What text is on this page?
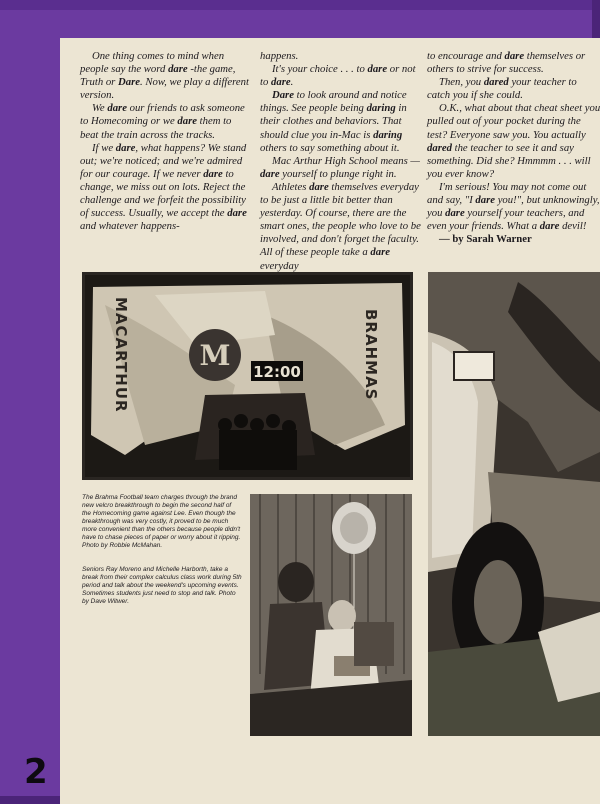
One thing comes to mind when people say the word dare -the game, Truth or Dare. Now, we play a different version.

We dare our friends to ask someone to Homecoming or we dare them to beat the train across the tracks.

If we dare, what happens? We stand out; we're noticed; and we're admired for our courage. If we never dare to change, we miss out on lots. Reject the challenge and we forfeit the possibility of success. Usually, we accept the dare and whatever happens-

happens.

It's your choice . . . to dare or not to dare.

Dare to look around and notice things. See people being daring in their clothes and behaviors. That should clue you in-Mac is daring others to say something about it.

Mac Arthur High School means — dare yourself to plunge right in.

Athletes dare themselves everyday to be just a little bit better than yesterday. Of course, there are the smart ones, the people who love to be involved, and don't forget the faculty. All of these people take a dare everyday

to encourage and dare themselves or others to strive for success.

Then, you dared your teacher to catch you if she could.

O.K., what about that cheat sheet you pulled out of your pocket during the test? Everyone saw you. You actually dared the teacher to see it and say something. Did she? Hmmmm . . . will you ever know?

I'm serious! You may not come out and say, "I dare you!", but unknowingly, you dare yourself your teachers, and even your friends. What a dare devil!

— by Sarah Warner

M 12:00
MACARTHUR	BRAHMAS
The Brahma Football team charges through the brand new velcro breakthrough to begin the second half of the Homecoming game against Lee. Even though the breakthrough was very costly, it proved to be much more convenient than the others because people didn't have to chase pieces of paper or worry about it ripping. Photo by Robbie McMahan.
Seniors Ray Moreno and Michelle Harborth, take a break from their complex calculus class work during 5th period and talk about the weekend's upcoming events. Sometimes students just need to stop and talk. Photo by Dave Witwer.
2
